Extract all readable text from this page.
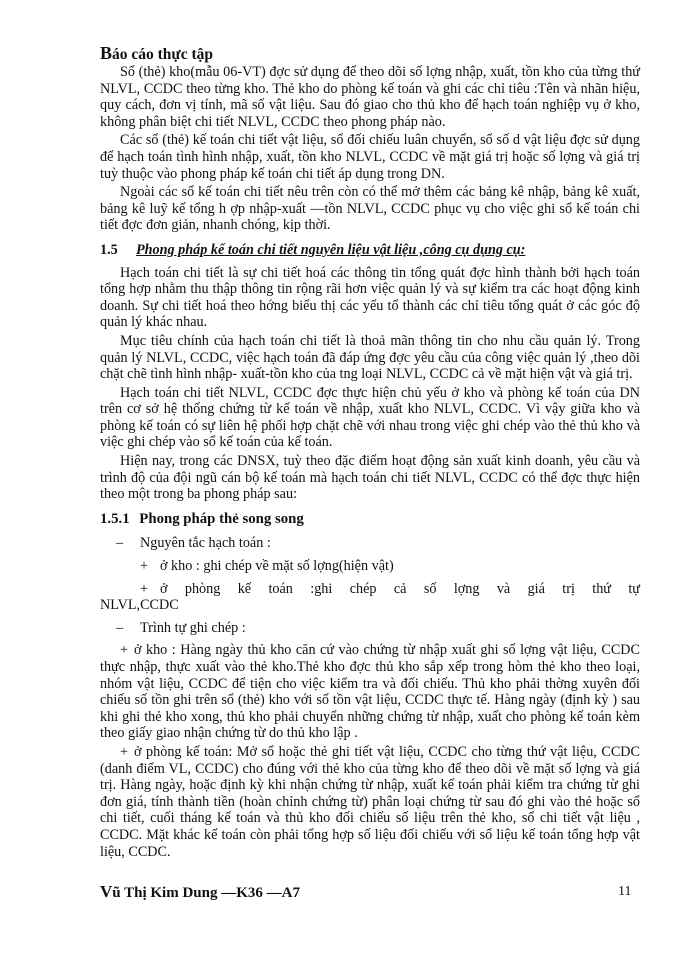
Báo cáo thực tập

Sổ (thẻ) kho(mẫu 06-VT) đợc sử dụng để theo dõi số lợng nhập, xuất, tồn kho của từng thứ NLVL, CCDC theo từng kho. Thẻ kho do phòng kế toán và ghi các chỉ tiêu :Tên và nhãn hiệu, quy cách, đơn vị tính, mã số vật liệu. Sau đó giao cho thủ kho để hạch toán nghiệp vụ ở kho, không phân biệt chi tiết NLVL, CCDC theo phong pháp nào.

Các sổ (thẻ) kế toán chi tiết vật liệu, sổ đối chiếu luân chuyển, sổ số d vật liệu đợc sử dụng để hạch toán tình hình nhập, xuất, tồn kho NLVL, CCDC về mặt giá trị hoặc số lợng và giá trị tuỳ thuộc vào phong pháp kế toán chi tiết áp dụng trong DN.

Ngoài các sổ kế toán chi tiết nêu trên còn có thể mở thêm các bảng kê nhập, bảng kê xuất, bảng kê luỹ kế tổng h ợp nhập-xuất —tồn NLVL, CCDC phục vụ cho việc ghi sổ kế toán chi tiết đợc đơn giản, nhanh chóng, kịp thời.

1.5	Phong pháp kế toán chi tiết nguyên liệu vật liệu ,công cụ dụng cụ:

Hạch toán chi tiết là sự chi tiết hoá các thông tin tổng quát đợc hình thành bởi hạch toán tổng hợp nhằm thu thập thông tin rộng rãi hơn việc quản lý và sự kiểm tra các hoạt động kinh doanh. Sự chi tiết hoá theo hớng biểu thị các yếu tố thành các chỉ tiêu tổng quát ở các góc độ quản lý khác nhau.

Mục tiêu chính của hạch toán chi tiết là thoả mãn thông tin cho nhu cầu quản lý. Trong quản lý NLVL, CCDC, việc hạch toán đã đáp ứng đợc yêu cầu của công việc quản lý ,theo dõi chặt chẽ tình hình nhập- xuất-tồn kho của tng loại NLVL, CCDC cả về mặt hiện vật và giá trị.

Hạch toán chi tiết NLVL, CCDC đợc thực hiện chủ yếu ở kho và phòng kế toán của DN trên cơ sở hệ thống chứng từ kế toán về nhập, xuất kho NLVL, CCDC. Vì vậy giữa kho và phòng kế toán có sự liên hệ phối hợp chặt chẽ với nhau trong việc ghi chép vào thẻ thủ kho và việc ghi chép vào sổ kế toán của kế toán.

Hiện nay, trong các DNSX, tuỳ theo đặc điểm hoạt động sản xuất kinh doanh, yêu cầu và trình độ của đội ngũ cán bộ kế toán mà hạch toán chi tiết NLVL, CCDC có thể đợc thực hiện theo một trong ba phong pháp sau:

1.5.1 Phong pháp thẻ song song
–	Nguyên tắc hạch toán :
+ ở kho : ghi chép về mặt số lợng(hiện vật)
+ ở phòng kế toán :ghi chép cả số lợng và giá trị thứ tự

NLVL,CCDC

–	Trình tự ghi chép :

+ ở kho : Hàng ngày thủ kho căn cứ vào chứng từ nhập xuất ghi số lợng vật liệu, CCDC thực nhập, thực xuất vào thẻ kho.Thẻ kho đợc thủ kho sắp xếp trong hòm thẻ kho theo loại, nhóm vật liệu, CCDC để tiện cho việc kiểm tra và đối chiếu. Thủ kho phải thờng xuyên đối chiếu số tồn ghi trên sổ (thẻ) kho với số tồn vật liệu, CCDC thực tế. Hàng ngày (định kỳ ) sau khi ghi thẻ kho xong, thủ kho phải chuyển những chứng từ nhập, xuất cho phòng kế toán kèm theo giấy giao nhận chứng từ do thủ kho lập .

+ ở phòng kế toán: Mở sổ hoặc thẻ ghi tiết vật liệu, CCDC cho từng thứ vật liệu, CCDC (danh điểm VL, CCDC) cho đúng với thẻ kho của từng kho để theo dõi về mặt số lợng và giá trị. Hàng ngày, hoặc định kỳ khi nhận chứng từ nhập, xuất kế toán phải kiểm tra chứng từ ghi đơn giá, tính thành tiền (hoàn chỉnh chứng từ) phân loại chứng từ sau đó ghi vào thẻ hoặc sổ chi tiết, cuối tháng kế toán và thủ kho đối chiếu số liệu trên thẻ kho, sổ chi tiết vật liệu , CCDC. Mặt khác kế toán còn phải tổng hợp số liệu đối chiếu với sổ liệu kế toán tổng hợp vật liệu, CCDC.

Vũ Thị Kim Dung —K36 —A7	11
